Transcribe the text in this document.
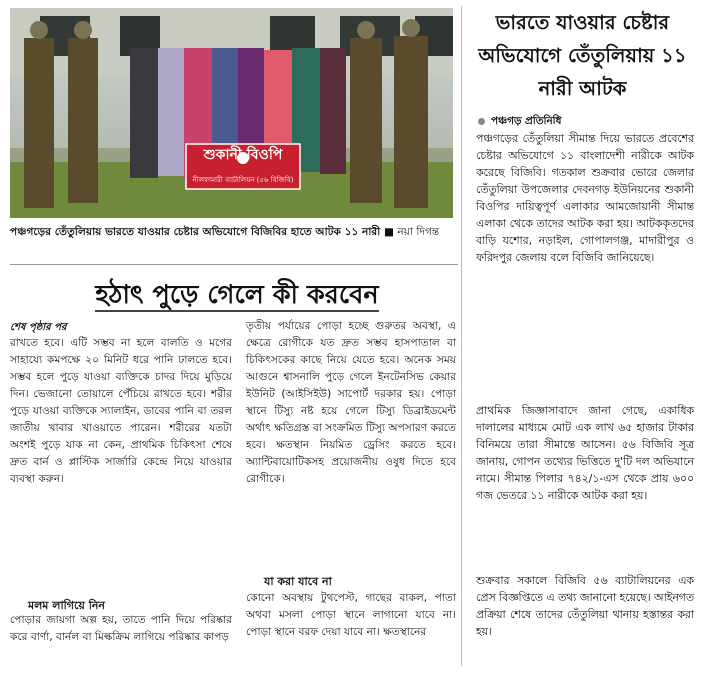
শুকানী বিওপি
নীলফামারী ব্যাটালিয়ন (৫৬ বিজিবি)
পঞ্চগড়ের তেঁতুলিয়ায় ভারতে যাওয়ার চেষ্টার অভিযোগে বিজিবির হাতে আটক ১১ নারী ■ নয়া দিগন্ত
ভারতে যাওয়ার চেষ্টার অভিযোগে তেঁতুলিয়ায় ১১ নারী আটক
পঞ্চগড় প্রতিনিধি
পঞ্চগড়ের তেঁতুলিয়া সীমান্ত দিয়ে ভারতে প্রবেশের চেষ্টার অভিযোগে ১১ বাংলাদেশী নারীকে আটক করেছে বিজিবি। গতকাল শুক্রবার ভোরে জেলার তেঁতুলিয়া উপজেলার দেবনগড় ইউনিয়নের শুকানী বিওপির দায়িত্বপূর্ণ এলাকার আমজোয়ানী সীমান্ত এলাকা থেকে তাদের আটক করা হয়। আটককৃতদের বাড়ি যশোর, নড়াইল, গোপালগঞ্জ, মাদারীপুর ও ফরিদপুর জেলায় বলে বিজিবি জানিয়েছে।
প্রাথমিক জিজ্ঞাসাবাদে জানা গেছে, একাধিক দালালের মাধ্যমে মোট এক লাখ ৬৫ হাজার টাকার বিনিময়ে তারা সীমান্তে আসেন। ৫৬ বিজিবি সূত্র জানায়, গোপন তথ্যের ভিত্তিতে দু'টি দল অভিযানে নামে। সীমান্ত পিলার ৭৪২/১-এস থেকে প্রায় ৬০০ গজ ভেতরে ১১ নারীকে আটক করা হয়।
শুক্রবার সকালে বিজিবি ৫৬ ব্যাটালিয়নের এক প্রেস বিজ্ঞপ্তিতে এ তথ্য জানানো হয়েছে। আইনগত প্রক্রিয়া শেষে তাদের তেঁতুলিয়া থানায় হস্তান্তর করা হয়।
হঠাৎ পুড়ে গেলে কী করবেন
শেষ পৃষ্ঠার পর
রাখতে হবে। এটি সম্ভব না হলে বালতি ও মগের সাহায্যে কমপক্ষে ২০ মিনিট ধরে পানি ঢালতে হবে। সম্ভব হলে পুড়ে যাওয়া ব্যক্তিকে চাদর দিয়ে মুড়িয়ে দিন। ভেজানো তোয়ালে পেঁচিয়ে রাখতে হবে। শরীর পুড়ে যাওয়া ব্যক্তিকে স্যালাইন, ডাবের পানি বা তরল জাতীয় খাবার খাওয়াতে পারেন। শরীরের যতটা অংশই পুড়ে যাক না কেন, প্রাথমিক চিকিৎসা শেষে দ্রুত বার্ন ও প্লাস্টিক সার্জারি কেন্দ্রে নিয়ে যাওয়ার ব্যবস্থা করুন।
মলম লাগিয়ে নিন
পোড়ার জায়গা অল্প হয়, তাতে পানি দিয়ে পরিষ্কার করে বার্ণা, বার্নল বা মিল্কক্রিম লাগিয়ে পরিষ্কার কাপড়
তৃতীয় পর্যায়ের পোড়া হচ্ছে গুরুতর অবস্থা, এ ক্ষেত্রে রোগীকে যত দ্রুত সম্ভব হাসপাতাল বা চিকিৎসকের কাছে নিয়ে যেতে হবে। অনেক সময় আগুনে শ্বাসনালি পুড়ে গেলে ইনটেনসিভ কেয়ার ইউনিট (আইসিইউ) সাপোর্ট দরকার হয়। পোড়া স্থানে টিস্যু নষ্ট হয়ে গেলে টিস্যু ডিব্রাইডমেন্ট অর্থাৎ ক্ষতিগ্রস্ত বা সংক্রমিত টিস্যু অপসারণ করতে হবে। ক্ষতস্থান নিয়মিত ড্রেসিং করতে হবে। অ্যান্টিবায়োটিকসহ প্রয়োজনীয় ওষুধ দিতে হবে রোগীকে।
যা করা যাবে না
কোনো অবস্থায় টুথপেস্ট, গাছের বাকল, পাতা অথবা মসলা পোড়া স্থানে লাগানো যাবে না। পোড়া স্থানে বরফ দেয়া যাবে না। ক্ষতস্থানের
